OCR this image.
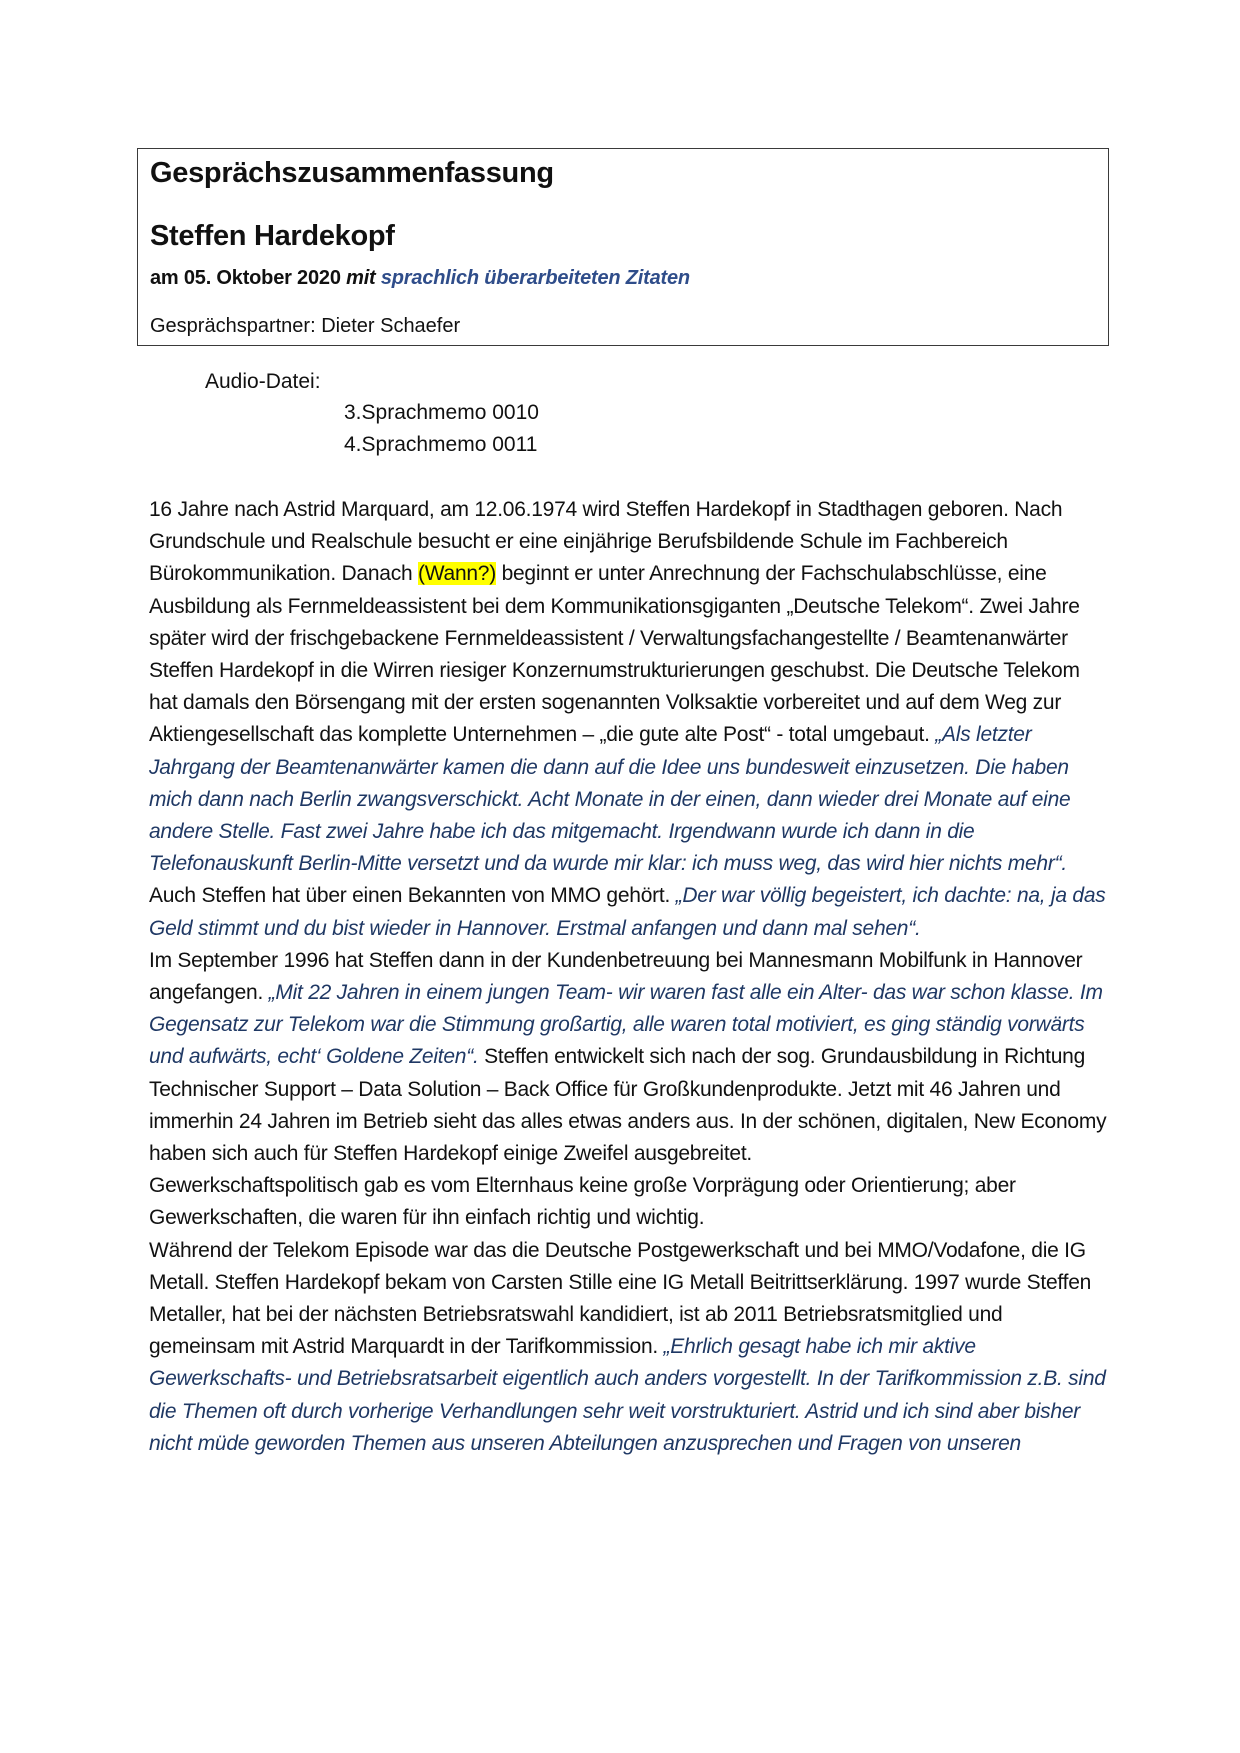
Gesprächszusammenfassung
Steffen Hardekopf
am 05. Oktober 2020 mit sprachlich überarbeiteten Zitaten
Gesprächspartner: Dieter Schaefer
Audio-Datei:
3.Sprachmemo 0010
4.Sprachmemo 0011

16 Jahre nach Astrid Marquard, am 12.06.1974 wird Steffen Hardekopf in Stadthagen geboren. Nach Grundschule und Realschule besucht er eine einjährige Berufsbildende Schule im Fachbereich Bürokommunikation. Danach (Wann?) beginnt er unter Anrechnung der Fachschulabschlüsse, eine Ausbildung als Fernmeldeassistent bei dem Kommunikationsgiganten „Deutsche Telekom“. Zwei Jahre später wird der frischgebackene Fernmeldeassistent / Verwaltungsfachangestellte / Beamtenanwärter Steffen Hardekopf in die Wirren riesiger Konzernumstrukturierungen geschubst. Die Deutsche Telekom hat damals den Börsengang mit der ersten sogenannten Volksaktie vorbereitet und auf dem Weg zur Aktiengesellschaft das komplette Unternehmen – „die gute alte Post“ - total umgebaut. „Als letzter Jahrgang der Beamtenanwärter kamen die dann auf die Idee uns bundesweit einzusetzen. Die haben mich dann nach Berlin zwangsverschickt. Acht Monate in der einen, dann wieder drei Monate auf eine andere Stelle. Fast zwei Jahre habe ich das mitgemacht. Irgendwann wurde ich dann in die Telefonauskunft Berlin-Mitte versetzt und da wurde mir klar: ich muss weg, das wird hier nichts mehr“.

Auch Steffen hat über einen Bekannten von MMO gehört. „Der war völlig begeistert, ich dachte: na, ja das Geld stimmt und du bist wieder in Hannover. Erstmal anfangen und dann mal sehen“.

Im September 1996 hat Steffen dann in der Kundenbetreuung bei Mannesmann Mobilfunk in Hannover angefangen. „Mit 22 Jahren in einem jungen Team- wir waren fast alle ein Alter- das war schon klasse. Im Gegensatz zur Telekom war die Stimmung großartig, alle waren total motiviert, es ging ständig vorwärts und aufwärts, echt‘ Goldene Zeiten“. Steffen entwickelt sich nach der sog. Grundausbildung in Richtung Technischer Support – Data Solution – Back Office für Großkundenprodukte. Jetzt mit 46 Jahren und immerhin 24 Jahren im Betrieb sieht das alles etwas anders aus. In der schönen, digitalen, New Economy haben sich auch für Steffen Hardekopf einige Zweifel ausgebreitet.

Gewerkschaftspolitisch gab es vom Elternhaus keine große Vorprägung oder Orientierung; aber Gewerkschaften, die waren für ihn einfach richtig und wichtig.

Während der Telekom Episode war das die Deutsche Postgewerkschaft und bei MMO/Vodafone, die IG Metall. Steffen Hardekopf bekam von Carsten Stille eine IG Metall Beitrittserklärung. 1997 wurde Steffen Metaller, hat bei der nächsten Betriebsratswahl kandidiert, ist ab 2011 Betriebsratsmitglied und gemeinsam mit Astrid Marquardt in der Tarifkommission. „Ehrlich gesagt habe ich mir aktive Gewerkschafts- und Betriebsratsarbeit eigentlich auch anders vorgestellt. In der Tarifkommission z.B. sind die Themen oft durch vorherige Verhandlungen sehr weit vorstrukturiert. Astrid und ich sind aber bisher nicht müde geworden Themen aus unseren Abteilungen anzusprechen und Fragen von unseren
